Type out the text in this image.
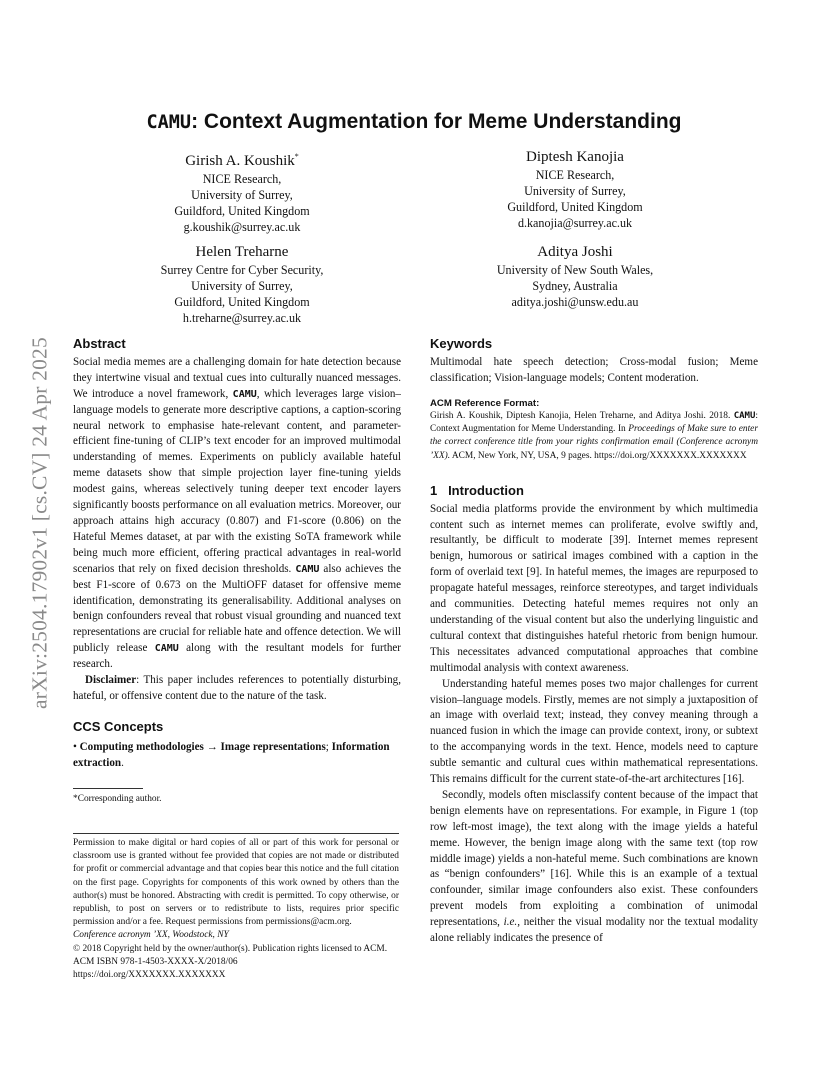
arXiv:2504.17902v1 [cs.CV] 24 Apr 2025
CAMU: Context Augmentation for Meme Understanding
Girish A. Koushik*
NICE Research,
University of Surrey,
Guildford, United Kingdom
g.koushik@surrey.ac.uk
Diptesh Kanojia
NICE Research,
University of Surrey,
Guildford, United Kingdom
d.kanojia@surrey.ac.uk
Helen Treharne
Surrey Centre for Cyber Security,
University of Surrey,
Guildford, United Kingdom
h.treharne@surrey.ac.uk
Aditya Joshi
University of New South Wales,
Sydney, Australia
aditya.joshi@unsw.edu.au
Abstract

Social media memes are a challenging domain for hate detection because they intertwine visual and textual cues into culturally nuanced messages. We introduce a novel framework, CAMU, which leverages large vision–language models to generate more descriptive captions, a caption-scoring neural network to emphasise hate-relevant content, and parameter-efficient fine-tuning of CLIP’s text encoder for an improved multimodal understanding of memes. Experiments on publicly available hateful meme datasets show that simple projection layer fine-tuning yields modest gains, whereas selectively tuning deeper text encoder layers significantly boosts performance on all evaluation metrics. Moreover, our approach attains high accuracy (0.807) and F1-score (0.806) on the Hateful Memes dataset, at par with the existing SoTA framework while being much more efficient, offering practical advantages in real-world scenarios that rely on fixed decision thresholds. CAMU also achieves the best F1-score of 0.673 on the MultiOFF dataset for offensive meme identification, demonstrating its generalisability. Additional analyses on benign confounders reveal that robust visual grounding and nuanced text representations are crucial for reliable hate and offence detection. We will publicly release CAMU along with the resultant models for further research.

Disclaimer: This paper includes references to potentially disturbing, hateful, or offensive content due to the nature of the task.

CCS Concepts

• Computing methodologies → Image representations; Information extraction.

*Corresponding author.

Permission to make digital or hard copies of all or part of this work for personal or classroom use is granted without fee provided that copies are not made or distributed for profit or commercial advantage and that copies bear this notice and the full citation on the first page. Copyrights for components of this work owned by others than the author(s) must be honored. Abstracting with credit is permitted. To copy otherwise, or republish, to post on servers or to redistribute to lists, requires prior specific permission and/or a fee. Request permissions from permissions@acm.org.

Conference acronym ’XX, Woodstock, NY

© 2018 Copyright held by the owner/author(s). Publication rights licensed to ACM.

ACM ISBN 978-1-4503-XXXX-X/2018/06

https://doi.org/XXXXXXX.XXXXXXX

Keywords

Multimodal hate speech detection; Cross-modal fusion; Meme classification; Vision-language models; Content moderation.

ACM Reference Format:
Girish A. Koushik, Diptesh Kanojia, Helen Treharne, and Aditya Joshi. 2018. CAMU: Context Augmentation for Meme Understanding. In Proceedings of Make sure to enter the correct conference title from your rights confirmation email (Conference acronym ’XX). ACM, New York, NY, USA, 9 pages. https://doi.org/XXXXXXX.XXXXXXX
1   Introduction

Social media platforms provide the environment by which multimedia content such as internet memes can proliferate, evolve swiftly and, resultantly, be difficult to moderate [39]. Internet memes represent benign, humorous or satirical images combined with a caption in the form of overlaid text [9]. In hateful memes, the images are repurposed to propagate hateful messages, reinforce stereotypes, and target individuals and communities. Detecting hateful memes requires not only an understanding of the visual content but also the underlying linguistic and cultural context that distinguishes hateful rhetoric from benign humour. This necessitates advanced computational approaches that combine multimodal analysis with context awareness.

Understanding hateful memes poses two major challenges for current vision–language models. Firstly, memes are not simply a juxtaposition of an image with overlaid text; instead, they convey meaning through a nuanced fusion in which the image can provide context, irony, or subtext to the accompanying words in the text. Hence, models need to capture subtle semantic and cultural cues within mathematical representations. This remains difficult for the current state-of-the-art architectures [16].

Secondly, models often misclassify content because of the impact that benign elements have on representations. For example, in Figure 1 (top row left-most image), the text along with the image yields a hateful meme. However, the benign image along with the same text (top row middle image) yields a non-hateful meme. Such combinations are known as “benign confounders” [16]. While this is an example of a textual confounder, similar image confounders also exist. These confounders prevent models from exploiting a combination of unimodal representations, i.e., neither the visual modality nor the textual modality alone reliably indicates the presence of
